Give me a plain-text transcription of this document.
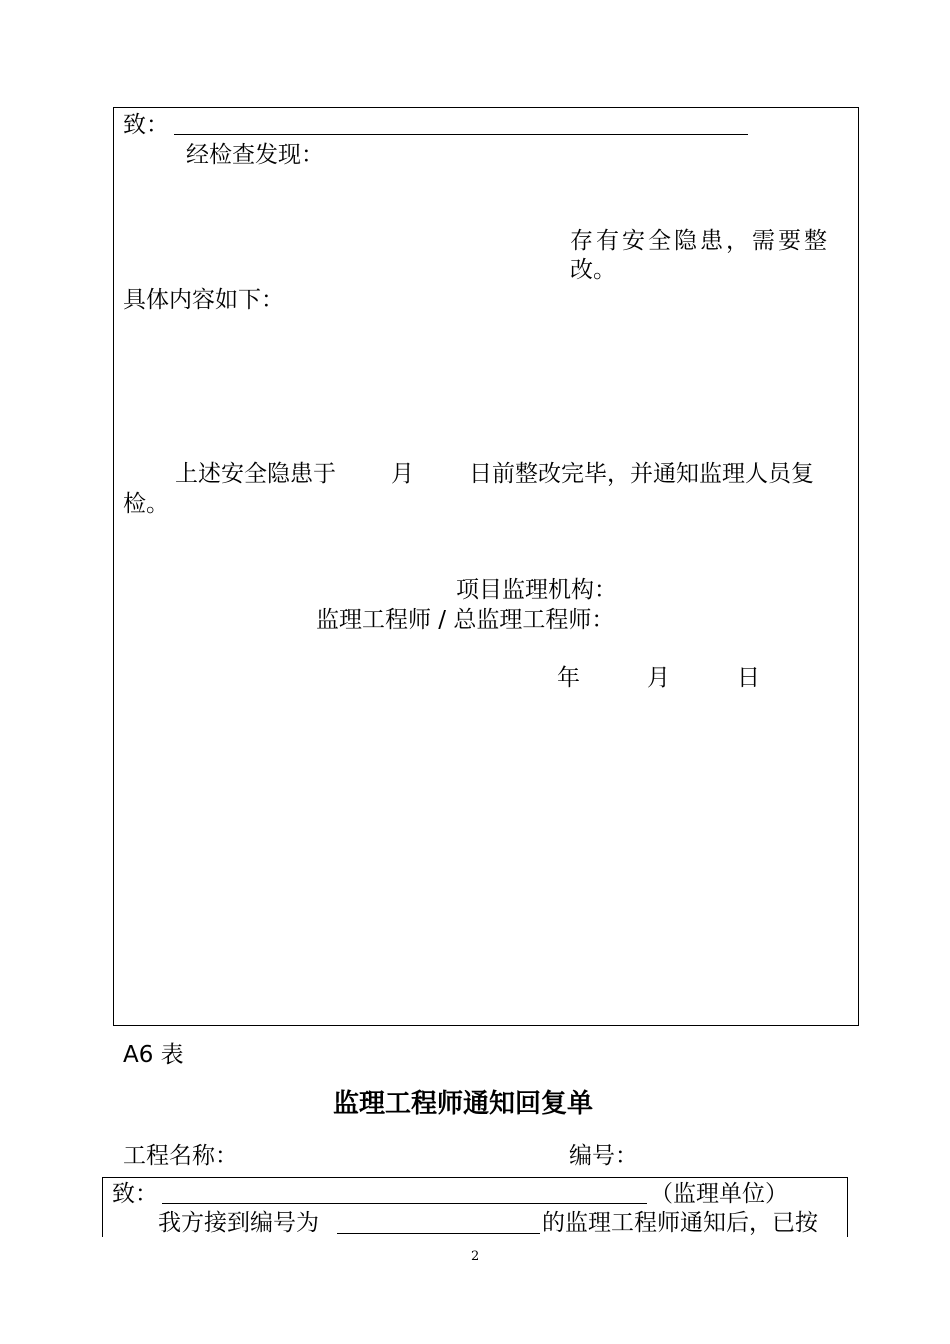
致：
经检查发现：
存有安全隐患，需要整
改。
具体内容如下：
上述安全隐患于 月 日前整改完毕，并通知监理人员复
检。
项目监理机构：
监理工程师 / 总监理工程师：
年	月	日
A6 表
监理工程师通知回复单
工程名称：	编号：
致：	（监理单位）
我方接到编号为	的监理工程师通知后，已按
2
